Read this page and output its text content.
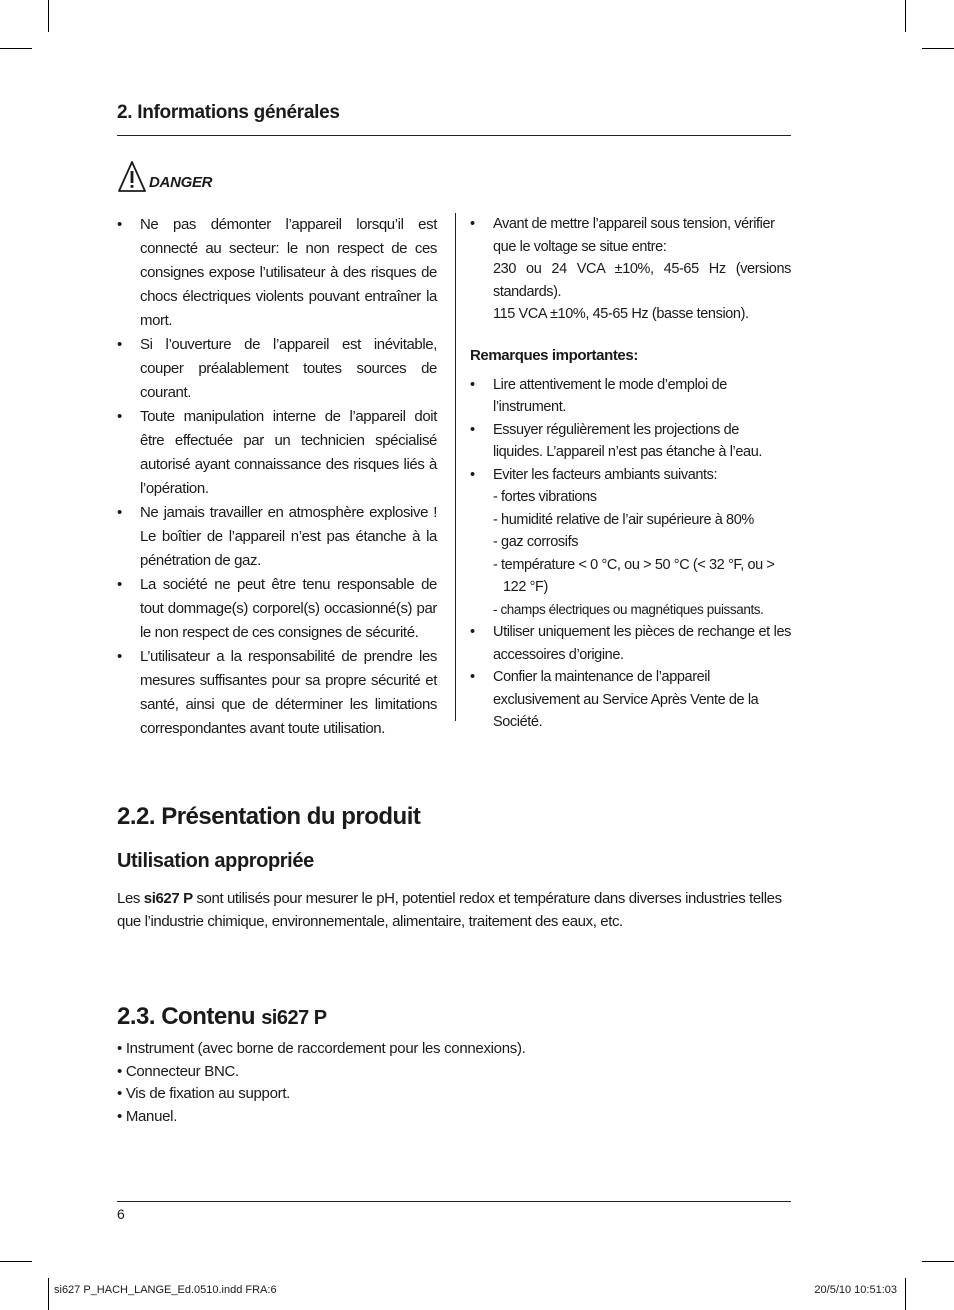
2. Informations générales
DANGER
• Ne pas démonter l’appareil lorsqu’il est connecté au secteur: le non respect de ces consignes expose l’utilisateur à des risques de chocs électriques violents pouvant entraîner la mort.
• Si l’ouverture de l’appareil est inévitable, couper préalablement toutes sources de courant.
• Toute manipulation interne de l’appareil doit être effectuée par un technicien spécialisé autorisé ayant connaissance des risques liés à l’opération.
• Ne jamais travailler en atmosphère explosive ! Le boîtier de l’appareil n’est pas étanche à la pénétration de gaz.
• La société ne peut être tenu responsable de tout dommage(s) corporel(s) occasionné(s) par le non respect de ces consignes de sécurité.
• L’utilisateur a la responsabilité de prendre les mesures suffisantes pour sa propre sécurité et santé, ainsi que de déterminer les limitations correspondantes avant toute utilisation.
• Avant de mettre l’appareil sous tension, vérifier que le voltage se situe entre:
230 ou 24 VCA ±10%, 45-65 Hz (versions standards).
115 VCA ±10%, 45-65 Hz (basse tension).
Remarques importantes:
• Lire attentivement le mode d’emploi de l’instrument.
• Essuyer régulièrement les projections de liquides. L’appareil n’est pas étanche à l’eau.
• Eviter les facteurs ambiants suivants:
- fortes vibrations
- humidité relative de l’air supérieure à 80%
- gaz corrosifs
- température < 0 °C, ou > 50 °C (< 32 °F, ou > 122 °F)
- champs électriques ou magnétiques puissants.
• Utiliser uniquement les pièces de rechange et les accessoires d’origine.
• Confier la maintenance de l’appareil exclusivement au Service Après Vente de la Société.
2.2. Présentation du produit
Utilisation appropriée
Les si627 P sont utilisés pour mesurer le pH, potentiel redox et température dans diverses industries telles que l’industrie chimique, environnementale, alimentaire, traitement des eaux, etc.
2.3. Contenu si627 P
• Instrument (avec borne de raccordement pour les connexions).
• Connecteur BNC.
• Vis de fixation au support.
• Manuel.
6
si627 P_HACH_LANGE_Ed.0510.indd FRA:6	20/5/10 10:51:03
